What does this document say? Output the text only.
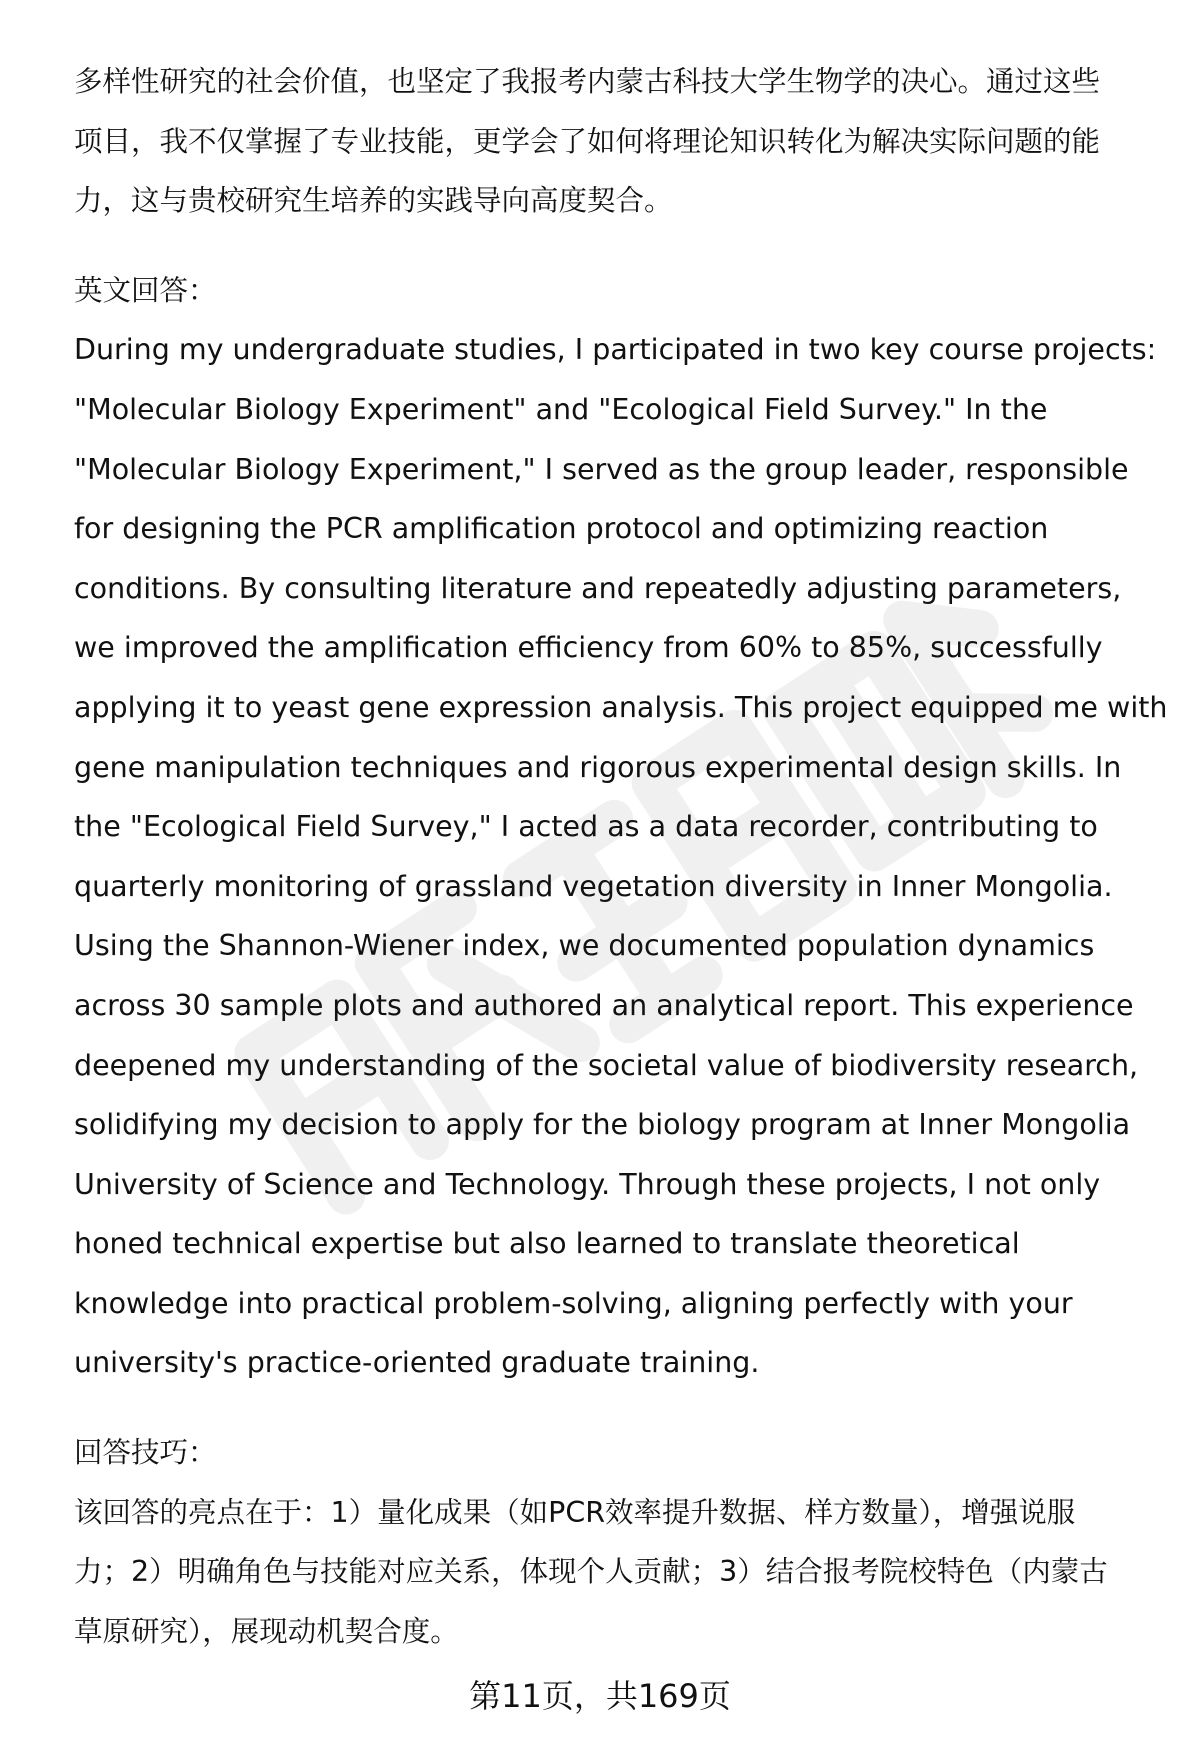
多样性研究的社会价值，也坚定了我报考内蒙古科技大学生物学的决心。通过这些
项目，我不仅掌握了专业技能，更学会了如何将理论知识转化为解决实际问题的能
力，这与贵校研究生培养的实践导向高度契合。

英文回答：
During my undergraduate studies, I participated in two key course projects:
"Molecular Biology Experiment" and "Ecological Field Survey." In the
"Molecular Biology Experiment," I served as the group leader, responsible
for designing the PCR amplification protocol and optimizing reaction
conditions. By consulting literature and repeatedly adjusting parameters,
we improved the amplification efficiency from 60% to 85%, successfully
applying it to yeast gene expression analysis. This project equipped me with
gene manipulation techniques and rigorous experimental design skills. In
the "Ecological Field Survey," I acted as a data recorder, contributing to
quarterly monitoring of grassland vegetation diversity in Inner Mongolia.
Using the Shannon-Wiener index, we documented population dynamics
across 30 sample plots and authored an analytical report. This experience
deepened my understanding of the societal value of biodiversity research,
solidifying my decision to apply for the biology program at Inner Mongolia
University of Science and Technology. Through these projects, I not only
honed technical expertise but also learned to translate theoretical
knowledge into practical problem-solving, aligning perfectly with your
university's practice-oriented graduate training.

回答技巧：
该回答的亮点在于：1）量化成果（如PCR效率提升数据、样方数量），增强说服
力；2）明确角色与技能对应关系，体现个人贡献；3）结合报考院校特色（内蒙古
草原研究），展现动机契合度。

第11页，共169页
